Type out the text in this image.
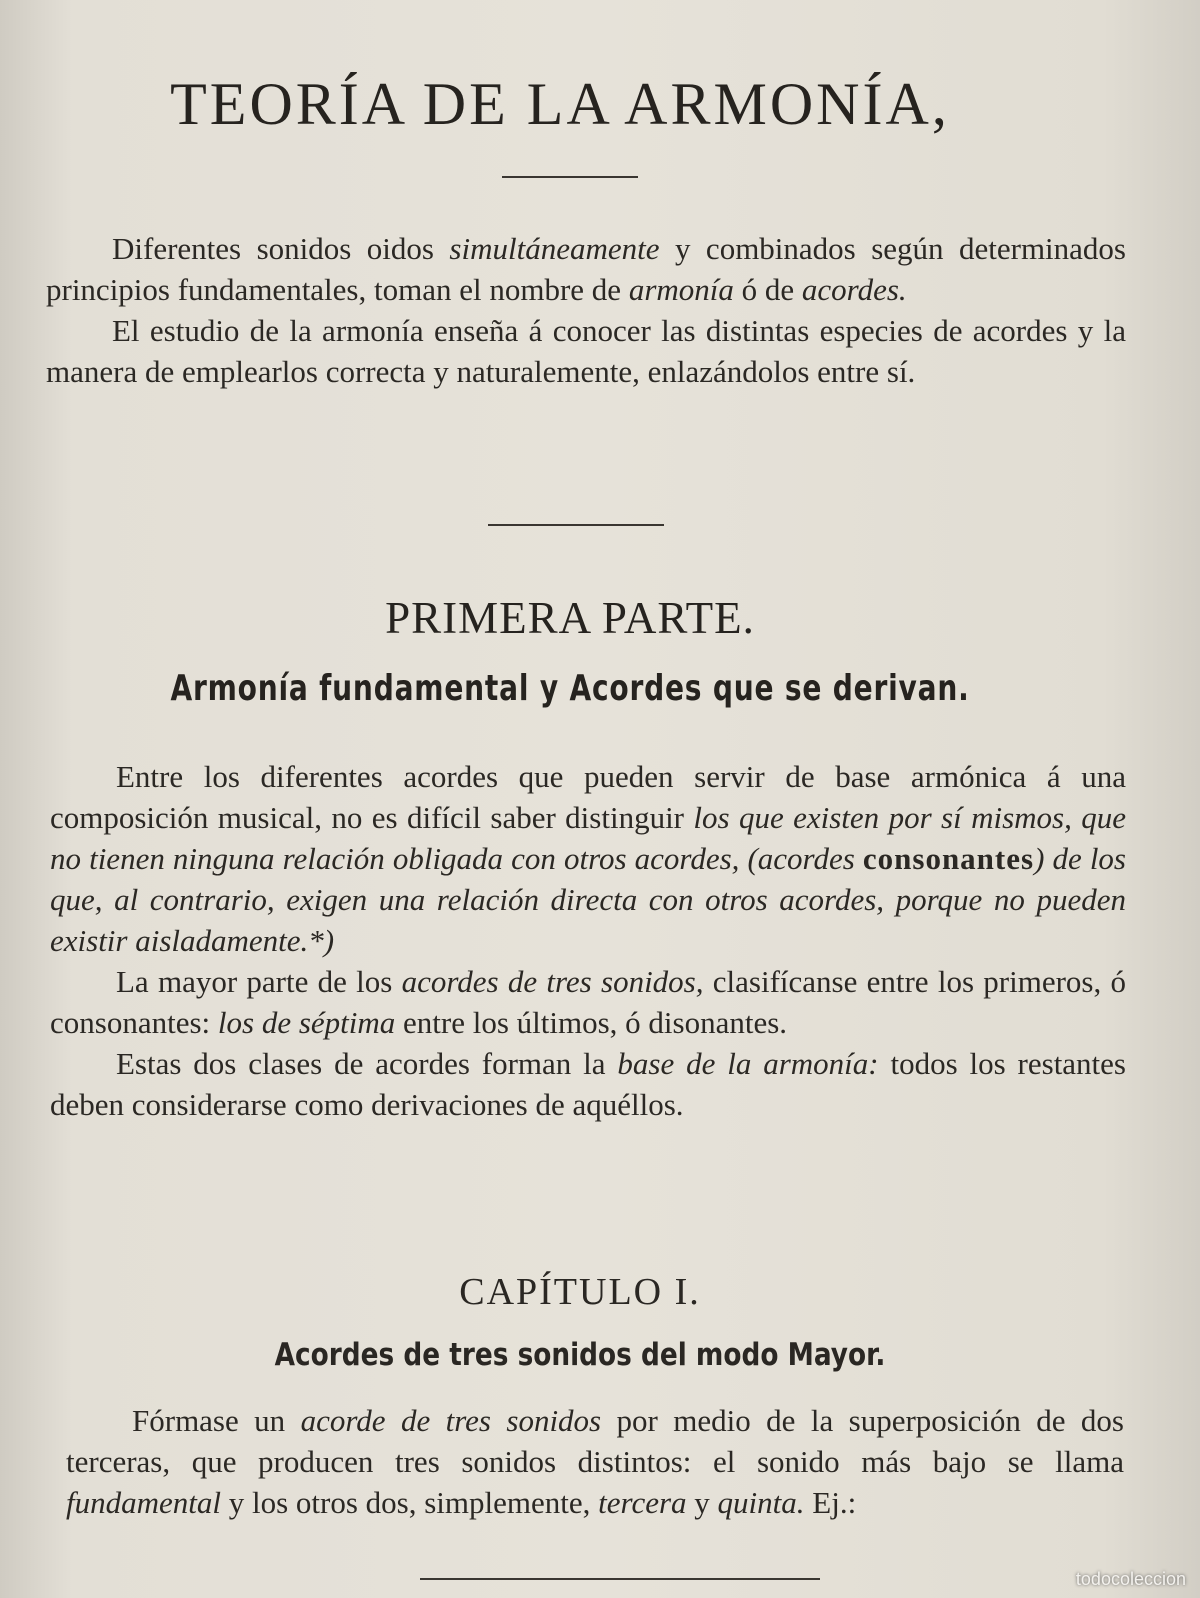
TEORÍA DE LA ARMONÍA,

Diferentes sonidos oidos simultáneamente y combinados según determinados principios fundamentales, toman el nombre de armonía ó de acordes.

El estudio de la armonía enseña á conocer las distintas especies de acordes y la manera de emplearlos correcta y naturalemente, enlazándolos entre sí.

PRIMERA PARTE.
Armonía fundamental y Acordes que se derivan.

Entre los diferentes acordes que pueden servir de base armónica á una composición musical, no es difícil saber distinguir los que existen por sí mismos, que no tienen ninguna relación obligada con otros acordes, (acordes consonantes) de los que, al contrario, exigen una relación directa con otros acordes, porque no pueden existir aisladamente.*)

La mayor parte de los acordes de tres sonidos, clasifícanse entre los primeros, ó consonantes: los de séptima entre los últimos, ó disonantes.

Estas dos clases de acordes forman la base de la armonía: todos los restantes deben considerarse como derivaciones de aquéllos.

CAPÍTULO I.
Acordes de tres sonidos del modo Mayor.

Fórmase un acorde de tres sonidos por medio de la superposición de dos terceras, que producen tres sonidos distintos: el sonido más bajo se llama fundamental y los otros dos, simplemente, tercera y quinta. Ej.:

todocoleccion
